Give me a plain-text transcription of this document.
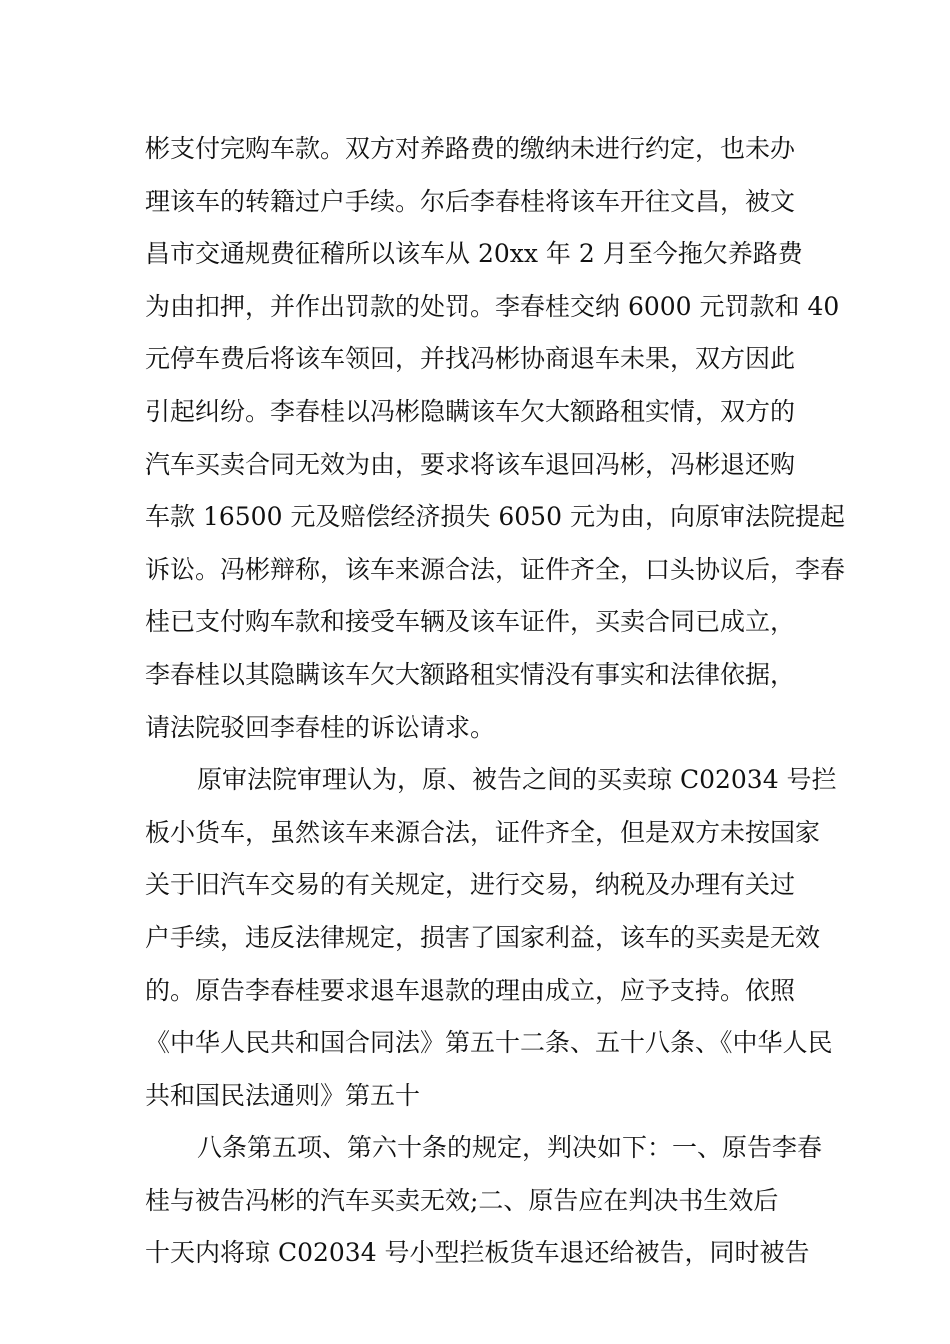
彬支付完购车款。双方对养路费的缴纳未进行约定，也未办
理该车的转籍过户手续。尔后李春桂将该车开往文昌，被文
昌市交通规费征稽所以该车从 20xx 年 2 月至今拖欠养路费
为由扣押，并作出罚款的处罚。李春桂交纳 6000 元罚款和 40
元停车费后将该车领回，并找冯彬协商退车未果，双方因此
引起纠纷。李春桂以冯彬隐瞒该车欠大额路租实情，双方的
汽车买卖合同无效为由，要求将该车退回冯彬，冯彬退还购
车款 16500 元及赔偿经济损失 6050 元为由，向原审法院提起
诉讼。冯彬辩称，该车来源合法，证件齐全，口头协议后，李春
桂已支付购车款和接受车辆及该车证件，买卖合同已成立，
李春桂以其隐瞒该车欠大额路租实情没有事实和法律依据，
请法院驳回李春桂的诉讼请求。
原审法院审理认为，原、被告之间的买卖琼 C02034 号拦
板小货车，虽然该车来源合法，证件齐全，但是双方未按国家
关于旧汽车交易的有关规定，进行交易，纳税及办理有关过
户手续，违反法律规定，损害了国家利益，该车的买卖是无效
的。原告李春桂要求退车退款的理由成立，应予支持。依照
《中华人民共和国合同法》第五十二条、五十八条、《中华人民
共和国民法通则》第五十
八条第五项、第六十条的规定，判决如下：一、原告李春
桂与被告冯彬的汽车买卖无效;二、原告应在判决书生效后
十天内将琼 C02034 号小型拦板货车退还给被告，同时被告
